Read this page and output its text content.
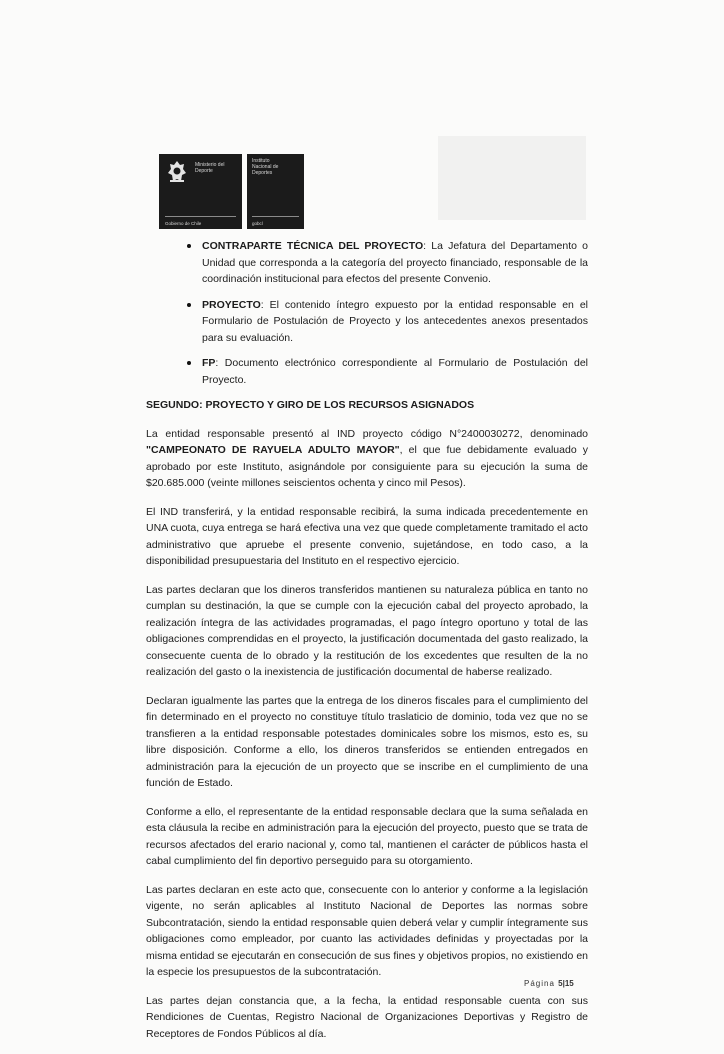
Ministerio del
Deporte
Gobierno de Chile
Instituto
Nacional de
Deportes
gobcl
CONTRAPARTE TÉCNICA DEL PROYECTO: La Jefatura del Departamento o Unidad que corresponda a la categoría del proyecto financiado, responsable de la coordinación institucional para efectos del presente Convenio.
PROYECTO: El contenido íntegro expuesto por la entidad responsable en el Formulario de Postulación de Proyecto y los antecedentes anexos presentados para su evaluación.
FP: Documento electrónico correspondiente al Formulario de Postulación del Proyecto.
SEGUNDO: PROYECTO Y GIRO DE LOS RECURSOS ASIGNADOS

La entidad responsable presentó al IND proyecto código N°2400030272, denominado "CAMPEONATO DE RAYUELA ADULTO MAYOR", el que fue debidamente evaluado y aprobado por este Instituto, asignándole por consiguiente para su ejecución la suma de $20.685.000 (veinte millones seiscientos ochenta y cinco mil Pesos).

El IND transferirá, y la entidad responsable recibirá, la suma indicada precedentemente en UNA cuota, cuya entrega se hará efectiva una vez que quede completamente tramitado el acto administrativo que apruebe el presente convenio, sujetándose, en todo caso, a la disponibilidad presupuestaria del Instituto en el respectivo ejercicio.

Las partes declaran que los dineros transferidos mantienen su naturaleza pública en tanto no cumplan su destinación, la que se cumple con la ejecución cabal del proyecto aprobado, la realización íntegra de las actividades programadas, el pago íntegro oportuno y total de las obligaciones comprendidas en el proyecto, la justificación documentada del gasto realizado, la consecuente cuenta de lo obrado y la restitución de los excedentes que resulten de la no realización del gasto o la inexistencia de justificación documental de haberse realizado.

Declaran igualmente las partes que la entrega de los dineros fiscales para el cumplimiento del fin determinado en el proyecto no constituye título traslaticio de dominio, toda vez que no se transfieren a la entidad responsable potestades dominicales sobre los mismos, esto es, su libre disposición. Conforme a ello, los dineros transferidos se entienden entregados en administración para la ejecución de un proyecto que se inscribe en el cumplimiento de una función de Estado.

Conforme a ello, el representante de la entidad responsable declara que la suma señalada en esta cláusula la recibe en administración para la ejecución del proyecto, puesto que se trata de recursos afectados del erario nacional y, como tal, mantienen el carácter de públicos hasta el cabal cumplimiento del fin deportivo perseguido para su otorgamiento.

Las partes declaran en este acto que, consecuente con lo anterior y conforme a la legislación vigente, no serán aplicables al Instituto Nacional de Deportes las normas sobre Subcontratación, siendo la entidad responsable quien deberá velar y cumplir íntegramente sus obligaciones como empleador, por cuanto las actividades definidas y proyectadas por la misma entidad se ejecutarán en consecución de sus fines y objetivos propios, no existiendo en la especie los presupuestos de la subcontratación.

Las partes dejan constancia que, a la fecha, la entidad responsable cuenta con sus Rendiciones de Cuentas, Registro Nacional de Organizaciones Deportivas y Registro de Receptores de Fondos Públicos al día.

Página 5|15
